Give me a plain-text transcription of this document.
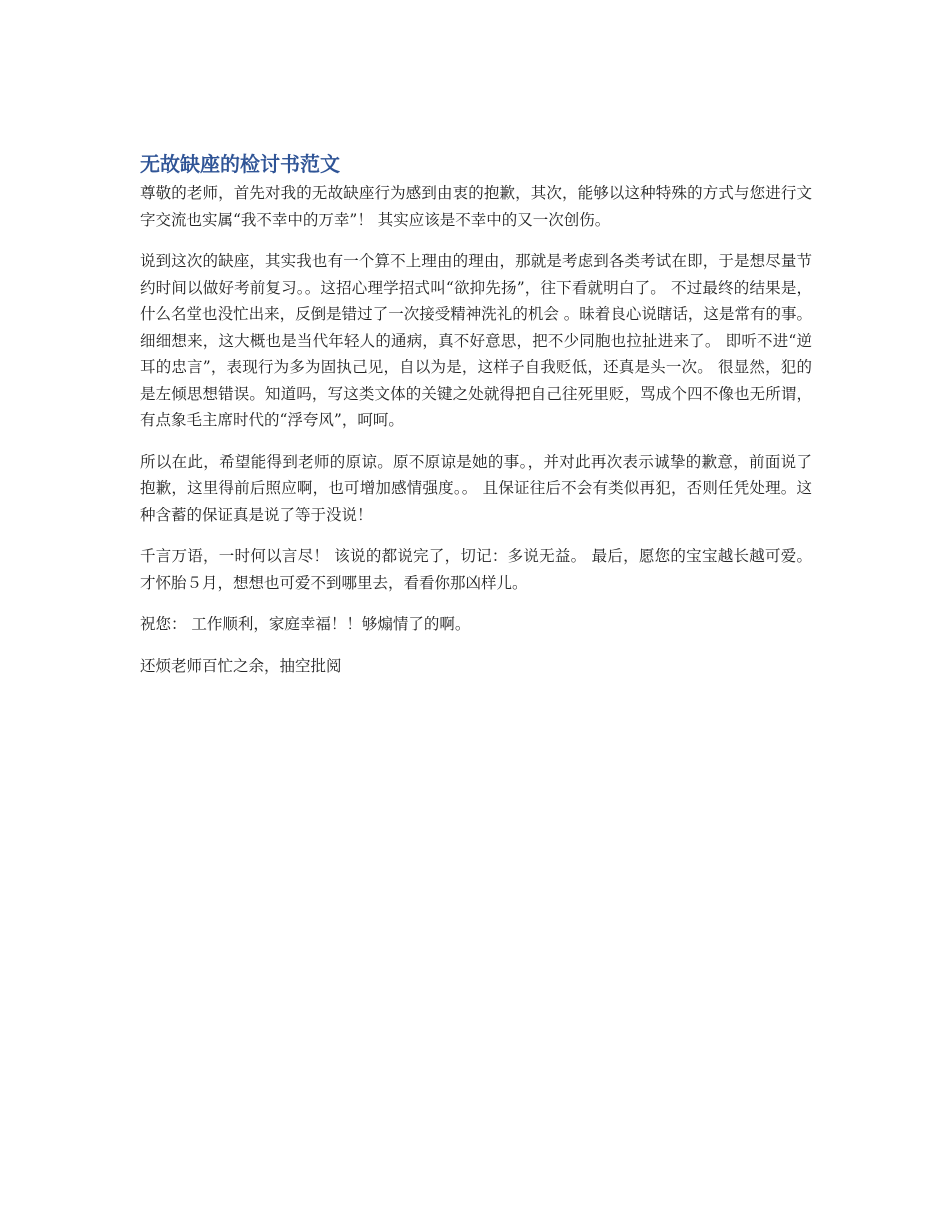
无故缺座的检讨书范文

尊敬的老师，首先对我的无故缺座行为感到由衷的抱歉，其次，能够以这种特殊的方式与您进行文字交流也实属“我不幸中的万幸”！ 其实应该是不幸中的又一次创伤。

说到这次的缺座，其实我也有一个算不上理由的理由，那就是考虑到各类考试在即，于是想尽量节约时间以做好考前复习。。这招心理学招式叫“欲抑先扬”，往下看就明白了。 不过最终的结果是，什么名堂也没忙出来，反倒是错过了一次接受精神洗礼的机会 。昧着良心说瞎话，这是常有的事。 细细想来，这大概也是当代年轻人的通病，真不好意思，把不少同胞也拉扯进来了。 即听不进“逆耳的忠言”，表现行为多为固执己见，自以为是，这样子自我贬低，还真是头一次。 很显然，犯的是左倾思想错误。知道吗，写这类文体的关键之处就得把自己往死里贬，骂成个四不像也无所谓，有点象毛主席时代的“浮夸风”，呵呵。

所以在此，希望能得到老师的原谅。原不原谅是她的事。，并对此再次表示诚挚的歉意，前面说了抱歉，这里得前后照应啊，也可增加感情强度。。 且保证往后不会有类似再犯，否则任凭处理。这种含蓄的保证真是说了等于没说！

千言万语，一时何以言尽！ 该说的都说完了，切记：多说无益。 最后，愿您的宝宝越长越可爱。才怀胎５月，想想也可爱不到哪里去，看看你那凶样儿。

祝您： 工作顺利，家庭幸福！！够煽情了的啊。

还烦老师百忙之余，抽空批阅
